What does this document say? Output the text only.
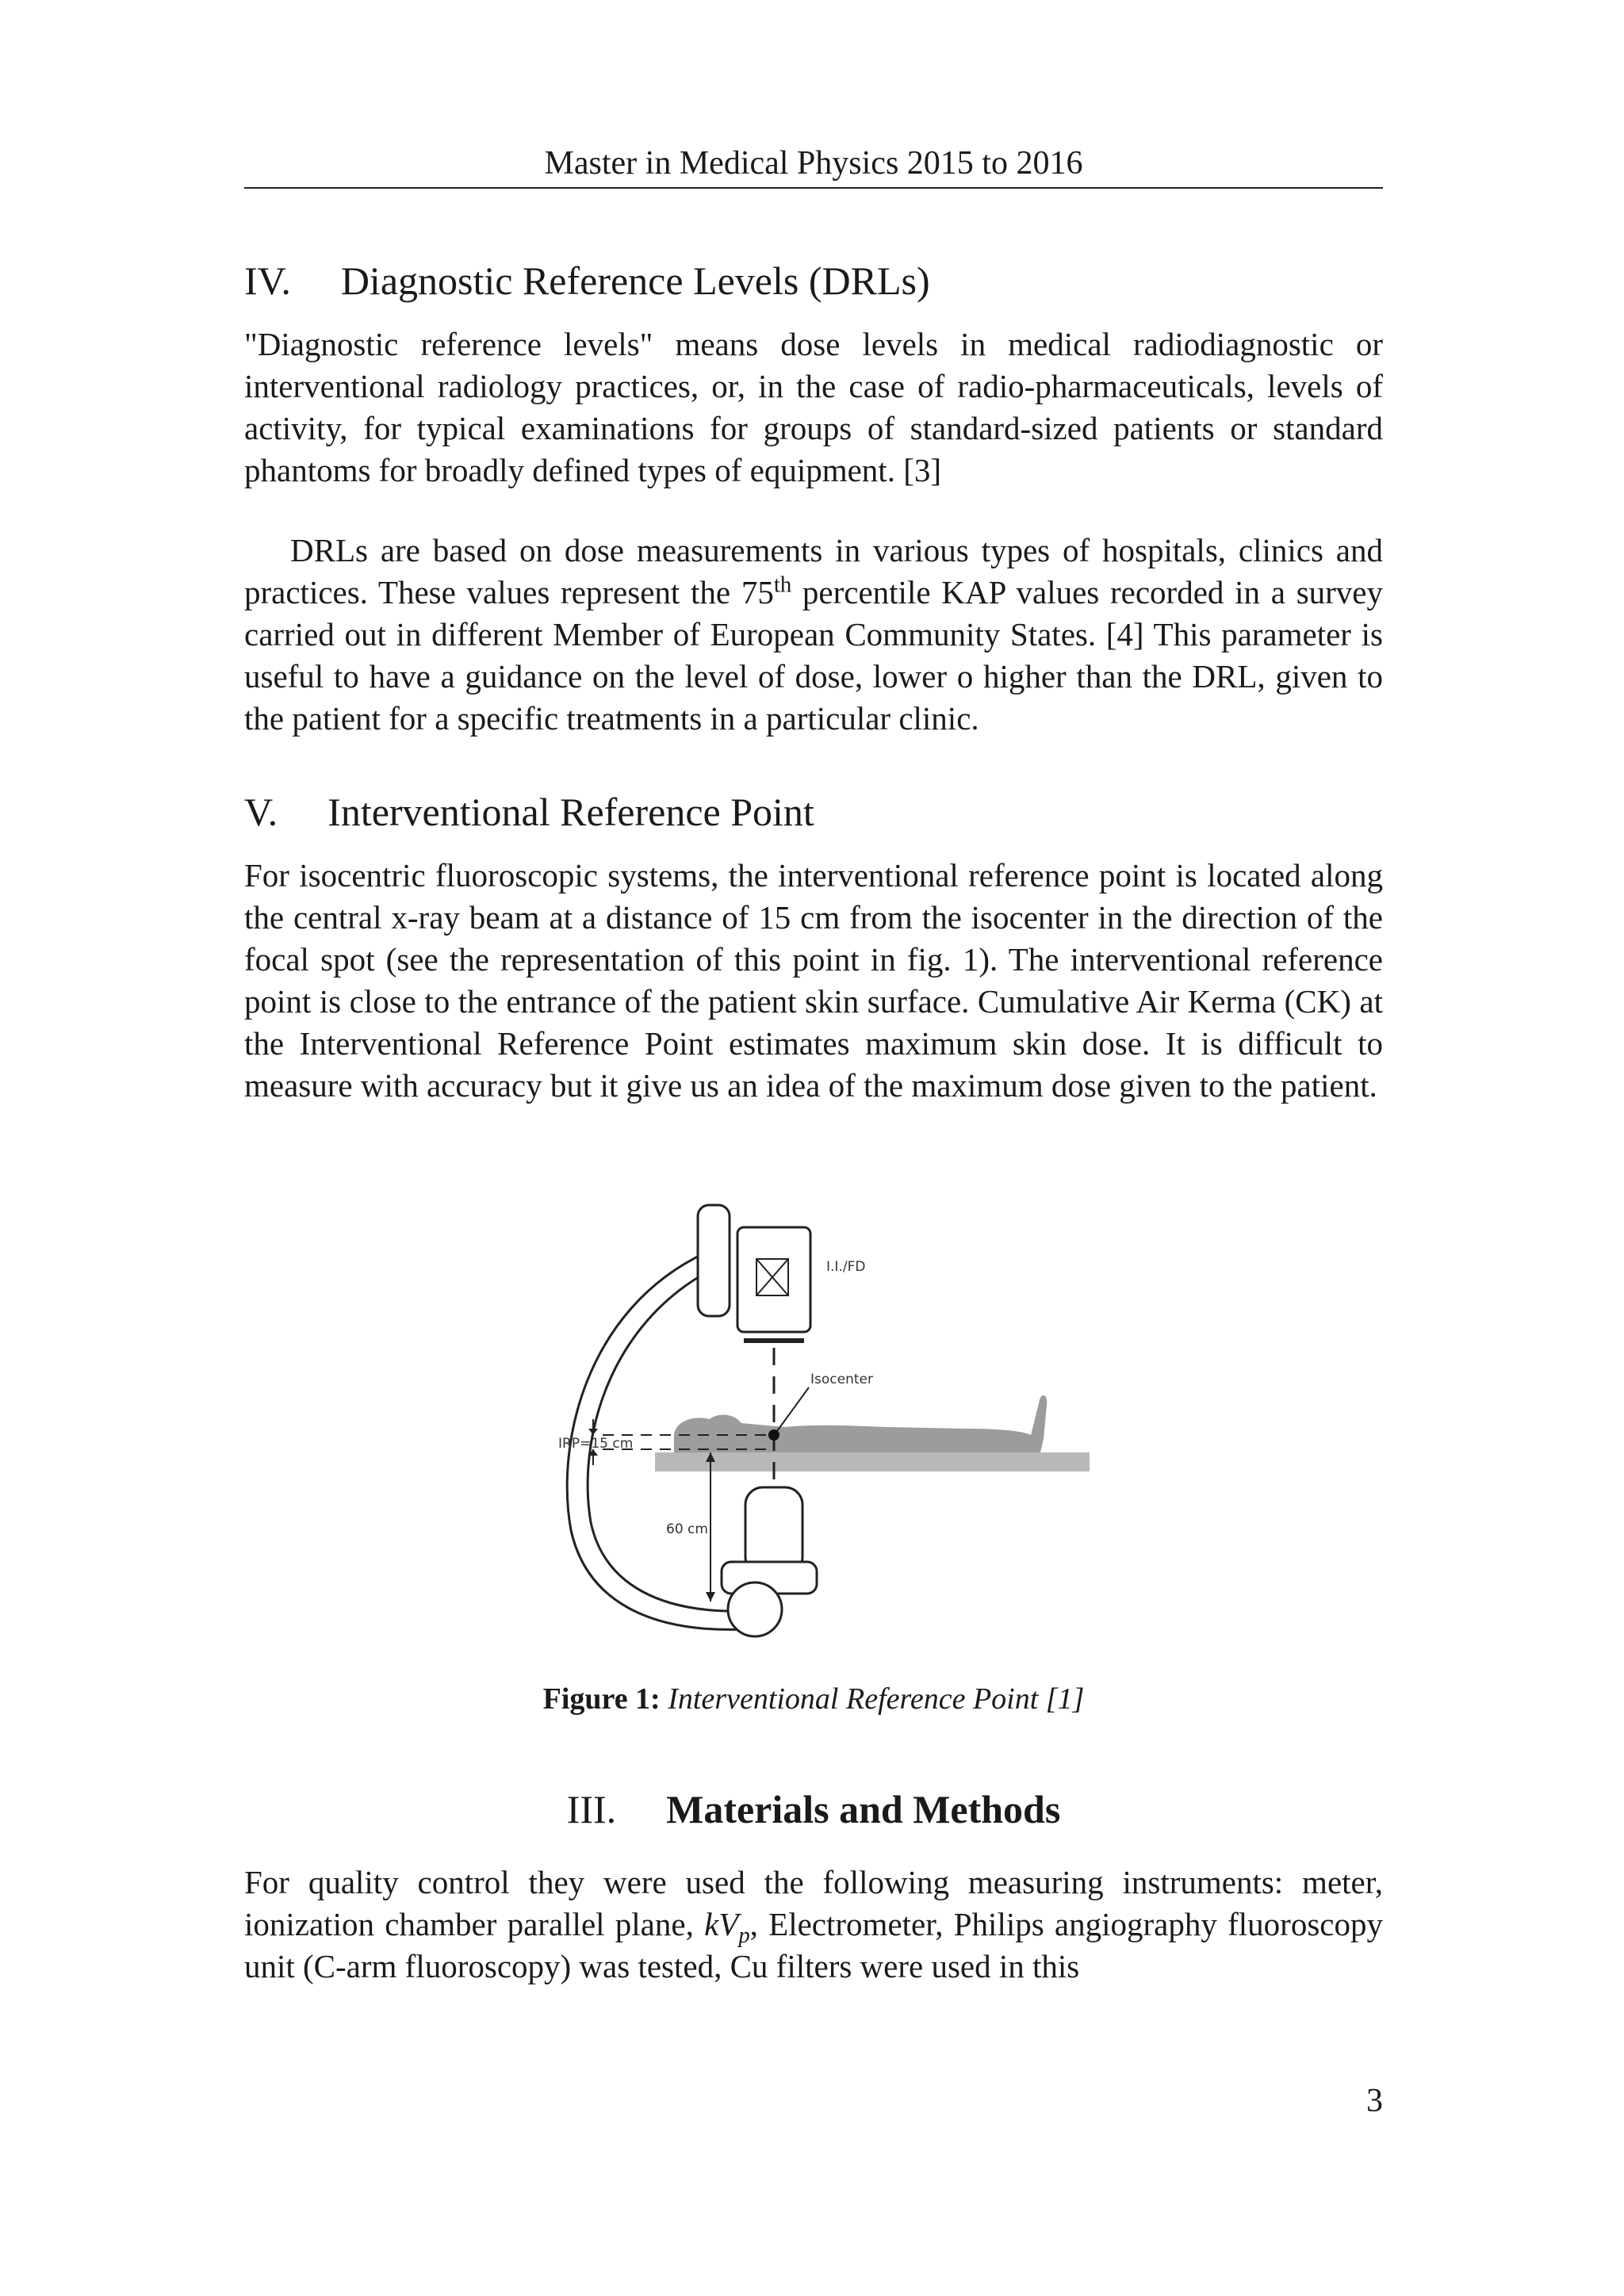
Master in Medical Physics 2015 to 2016
IV. Diagnostic Reference Levels (DRLs)

"Diagnostic reference levels" means dose levels in medical radiodiagnostic or interventional radiology practices, or, in the case of radio-pharmaceuticals, levels of activity, for typical examinations for groups of standard-sized patients or standard phantoms for broadly defined types of equipment. [3]

DRLs are based on dose measurements in various types of hospitals, clinics and practices. These values represent the 75th percentile KAP values recorded in a survey carried out in different Member of European Community States. [4] This parameter is useful to have a guidance on the level of dose, lower o higher than the DRL, given to the patient for a specific treatments in a particular clinic.

V. Interventional Reference Point

For isocentric fluoroscopic systems, the interventional reference point is located along the central x-ray beam at a distance of 15 cm from the isocenter in the direction of the focal spot (see the representation of this point in fig. 1). The interventional reference point is close to the entrance of the patient skin surface. Cumulative Air Kerma (CK) at the Interventional Reference Point estimates maximum skin dose. It is difficult to measure with accuracy but it give us an idea of the maximum dose given to the patient.

I.I./FD
Isocenter
IRP=15 cm
60 cm
Figure 1: Interventional Reference Point [1]
III. Materials and Methods

For quality control they were used the following measuring instruments: meter, ionization chamber parallel plane, $kV_p$, Electrometer, Philips angiography fluoroscopy unit (C-arm fluoroscopy) was tested, Cu filters were used in this

3
